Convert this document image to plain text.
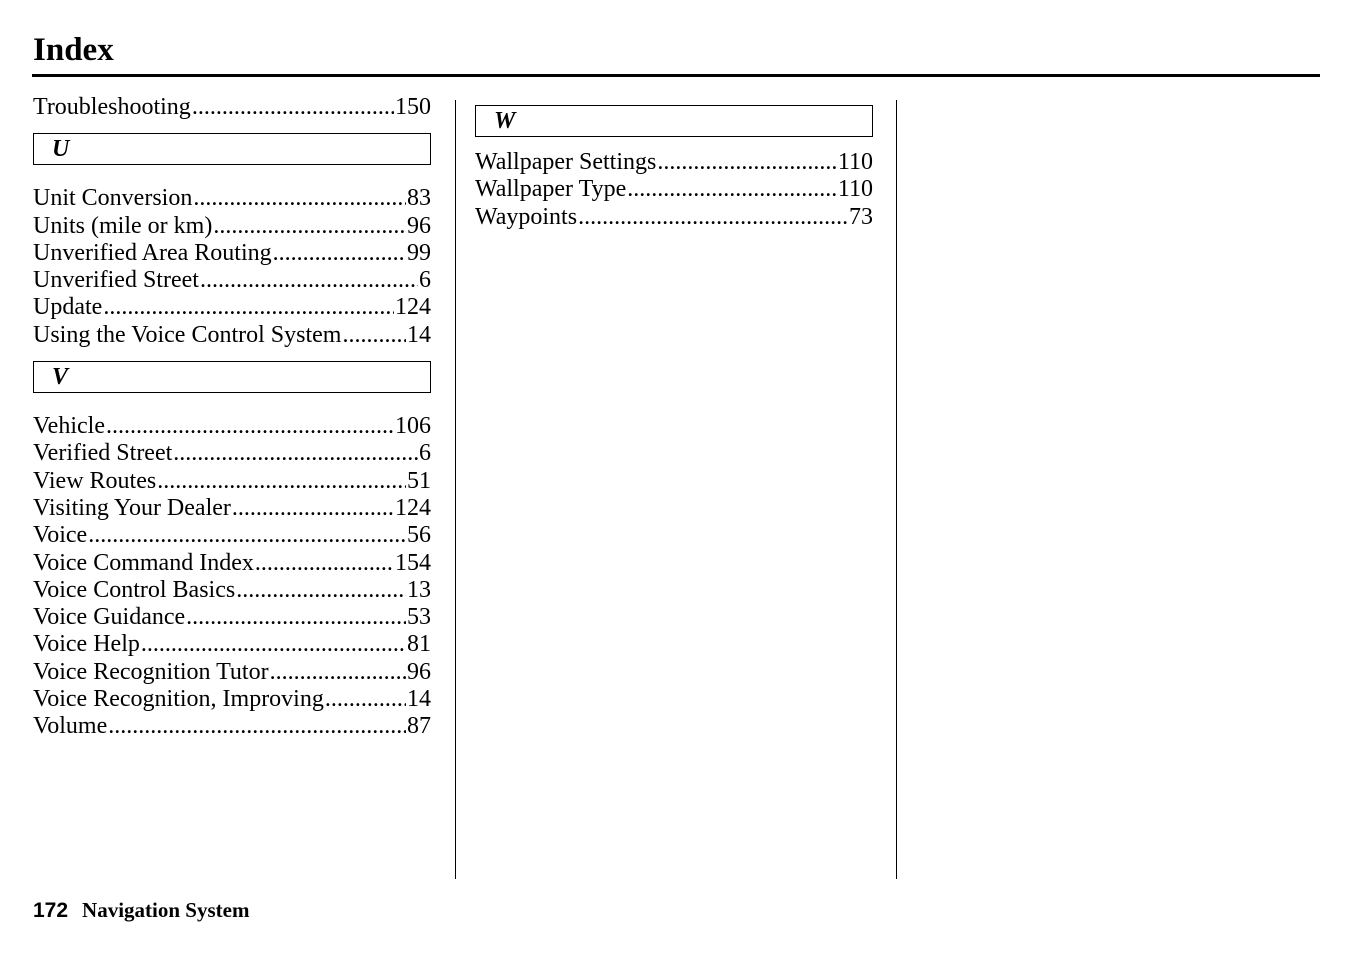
Index
Troubleshooting .....	150
U
Unit Conversion .....	83
Units (mile or km) .....	96
Unverified Area Routing .....	99
Unverified Street .....	6
Update .....	124
Using the Voice Control System .....	14
V
Vehicle .....	106
Verified Street .....	6
View Routes .....	51
Visiting Your Dealer .....	124
Voice .....	56
Voice Command Index .....	154
Voice Control Basics .....	13
Voice Guidance .....	53
Voice Help .....	81
Voice Recognition Tutor .....	96
Voice Recognition, Improving .....	14
Volume .....	87
W
Wallpaper Settings .....	110
Wallpaper Type .....	110
Waypoints .....	73
172 Navigation System
